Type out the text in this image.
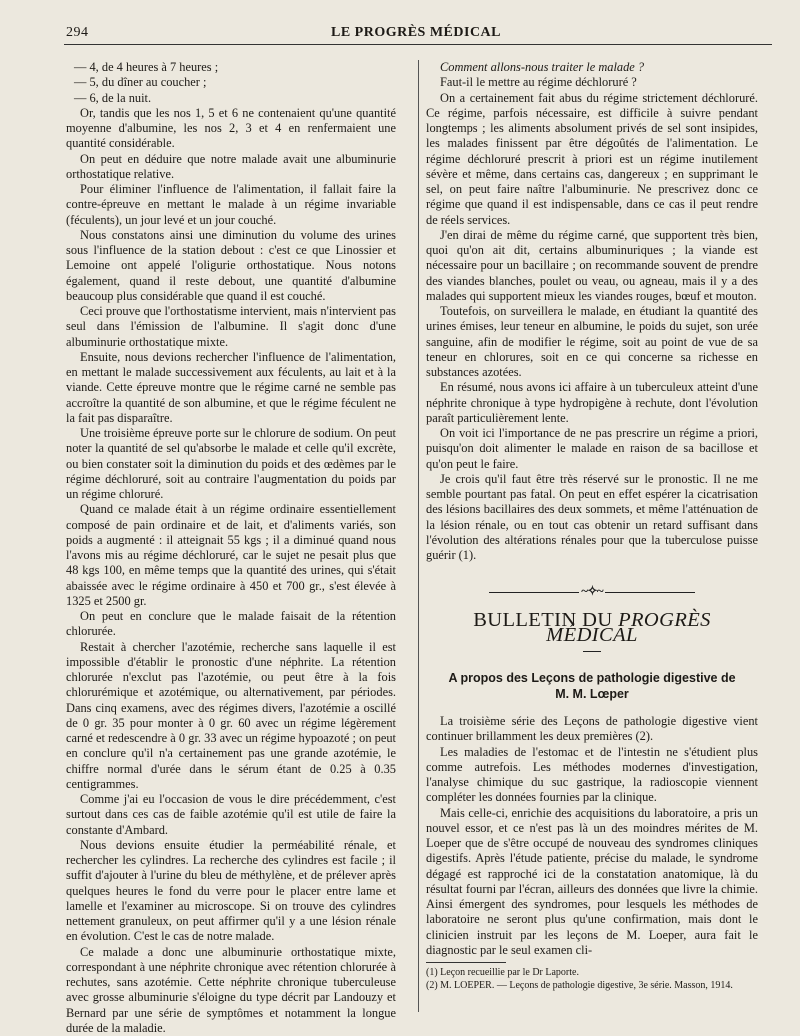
294	LE PROGRÈS MÉDICAL

— 4, de 4 heures à 7 heures ;

— 5, du dîner au coucher ;

— 6, de la nuit.

Or, tandis que les nos 1, 5 et 6 ne contenaient qu'une quantité moyenne d'albumine, les nos 2, 3 et 4 en renfermaient une quantité considérable.

On peut en déduire que notre malade avait une albuminurie orthostatique relative.

Pour éliminer l'influence de l'alimentation, il fallait faire la contre-épreuve en mettant le malade à un régime invariable (féculents), un jour levé et un jour couché.

Nous constatons ainsi une diminution du volume des urines sous l'influence de la station debout : c'est ce que Linossier et Lemoine ont appelé l'oligurie orthostatique. Nous notons également, quand il reste debout, une quantité d'albumine beaucoup plus considérable que quand il est couché.

Ceci prouve que l'orthostatisme intervient, mais n'intervient pas seul dans l'émission de l'albumine. Il s'agit donc d'une albuminurie orthostatique mixte.

Ensuite, nous devions rechercher l'influence de l'alimentation, en mettant le malade successivement aux féculents, au lait et à la viande. Cette épreuve montre que le régime carné ne semble pas accroître la quantité de son albumine, et que le régime féculent ne la fait pas disparaître.

Une troisième épreuve porte sur le chlorure de sodium. On peut noter la quantité de sel qu'absorbe le malade et celle qu'il excrète, ou bien constater soit la diminution du poids et des œdèmes par le régime déchloruré, soit au contraire l'augmentation du poids par un régime chloruré.

Quand ce malade était à un régime ordinaire essentiellement composé de pain ordinaire et de lait, et d'aliments variés, son poids a augmenté : il atteignait 55 kgs ; il a diminué quand nous l'avons mis au régime déchloruré, car le sujet ne pesait plus que 48 kgs 100, en même temps que la quantité des urines, qui s'était abaissée avec le régime ordinaire à 450 et 700 gr., s'est élevée à 1325 et 2500 gr.

On peut en conclure que le malade faisait de la rétention chlorurée.

Restait à chercher l'azotémie, recherche sans laquelle il est impossible d'établir le pronostic d'une néphrite. La rétention chlorurée n'exclut pas l'azotémie, ou peut être à la fois chlorurémique et azotémique, ou alternativement, par périodes. Dans cinq examens, avec des régimes divers, l'azotémie a oscillé de 0 gr. 35 pour monter à 0 gr. 60 avec un régime légèrement carné et redescendre à 0 gr. 33 avec un régime hypoazoté ; on peut en conclure qu'il n'a certainement pas une grande azotémie, le chiffre normal d'urée dans le sérum étant de 0.25 à 0.35 centigrammes.

Comme j'ai eu l'occasion de vous le dire précédemment, c'est surtout dans ces cas de faible azotémie qu'il est utile de faire la constante d'Ambard.

Nous devions ensuite étudier la perméabilité rénale, et rechercher les cylindres. La recherche des cylindres est facile ; il suffit d'ajouter à l'urine du bleu de méthylène, et de prélever après quelques heures le fond du verre pour le placer entre lame et lamelle et l'examiner au microscope. Si on trouve des cylindres nettement granuleux, on peut affirmer qu'il y a une lésion rénale en évolution. C'est le cas de notre malade.

Ce malade a donc une albuminurie orthostatique mixte, correspondant à une néphrite chronique avec rétention chlorurée à rechutes, sans azotémie. Cette néphrite chronique tuberculeuse avec grosse albuminurie s'éloigne du type décrit par Landouzy et Bernard par une série de symptômes et notamment la longue durée de la maladie.

Comment allons-nous traiter le malade ?

Faut-il le mettre au régime déchloruré ?

On a certainement fait abus du régime strictement déchloruré. Ce régime, parfois nécessaire, est difficile à suivre pendant longtemps ; les aliments absolument privés de sel sont insipides, les malades finissent par être dégoûtés de l'alimentation. Le régime déchloruré prescrit à priori est un régime inutilement sévère et même, dans certains cas, dangereux ; en supprimant le sel, on peut faire naître l'albuminurie. Ne prescrivez donc ce régime que quand il est indispensable, dans ce cas il peut rendre de réels services.

J'en dirai de même du régime carné, que supportent très bien, quoi qu'on ait dit, certains albuminuriques ; la viande est nécessaire pour un bacillaire ; on recommande souvent de prendre des viandes blanches, poulet ou veau, ou agneau, mais il y a des malades qui supportent mieux les viandes rouges, bœuf et mouton.

Toutefois, on surveillera le malade, en étudiant la quantité des urines émises, leur teneur en albumine, le poids du sujet, son urée sanguine, afin de modifier le régime, soit au point de vue de sa teneur en chlorures, soit en ce qui concerne sa richesse en substances azotées.

En résumé, nous avons ici affaire à un tuberculeux atteint d'une néphrite chronique à type hydropigène à rechute, dont l'évolution paraît particulièrement lente.

On voit ici l'importance de ne pas prescrire un régime a priori, puisqu'on doit alimenter le malade en raison de sa bacillose et qu'on peut le faire.

Je crois qu'il faut être très réservé sur le pronostic. Il ne me semble pourtant pas fatal. On peut en effet espérer la cicatrisation des lésions bacillaires des deux sommets, et même l'atténuation de la lésion rénale, ou en tout cas obtenir un retard suffisant dans l'évolution des altérations rénales pour que la tuberculose puisse guérir (1).

~✧~
BULLETIN DU PROGRÈS MÉDICAL
A propos des Leçons de pathologie digestive de
M. M. Lœper

La troisième série des Leçons de pathologie digestive vient continuer brillamment les deux premières (2).

Les maladies de l'estomac et de l'intestin ne s'étudient plus comme autrefois. Les méthodes modernes d'investigation, l'analyse chimique du suc gastrique, la radioscopie viennent compléter les données fournies par la clinique.

Mais celle-ci, enrichie des acquisitions du laboratoire, a pris un nouvel essor, et ce n'est pas là un des moindres mérites de M. Loeper que de s'être occupé de nouveau des syndromes cliniques digestifs. Après l'étude patiente, précise du malade, le syndrome dégagé est rapproché ici de la constatation anatomique, là du résultat fourni par l'écran, ailleurs des données que livre la chimie. Ainsi émergent des syndromes, pour lesquels les méthodes de laboratoire ne seront plus qu'une confirmation, mais dont le clinicien instruit par les leçons de M. Loeper, aura fait le diagnostic par le seul examen cli-

(1) Leçon recueillie par le Dr Laporte.

(2) M. LOEPER. — Leçons de pathologie digestive, 3e série. Masson, 1914.
